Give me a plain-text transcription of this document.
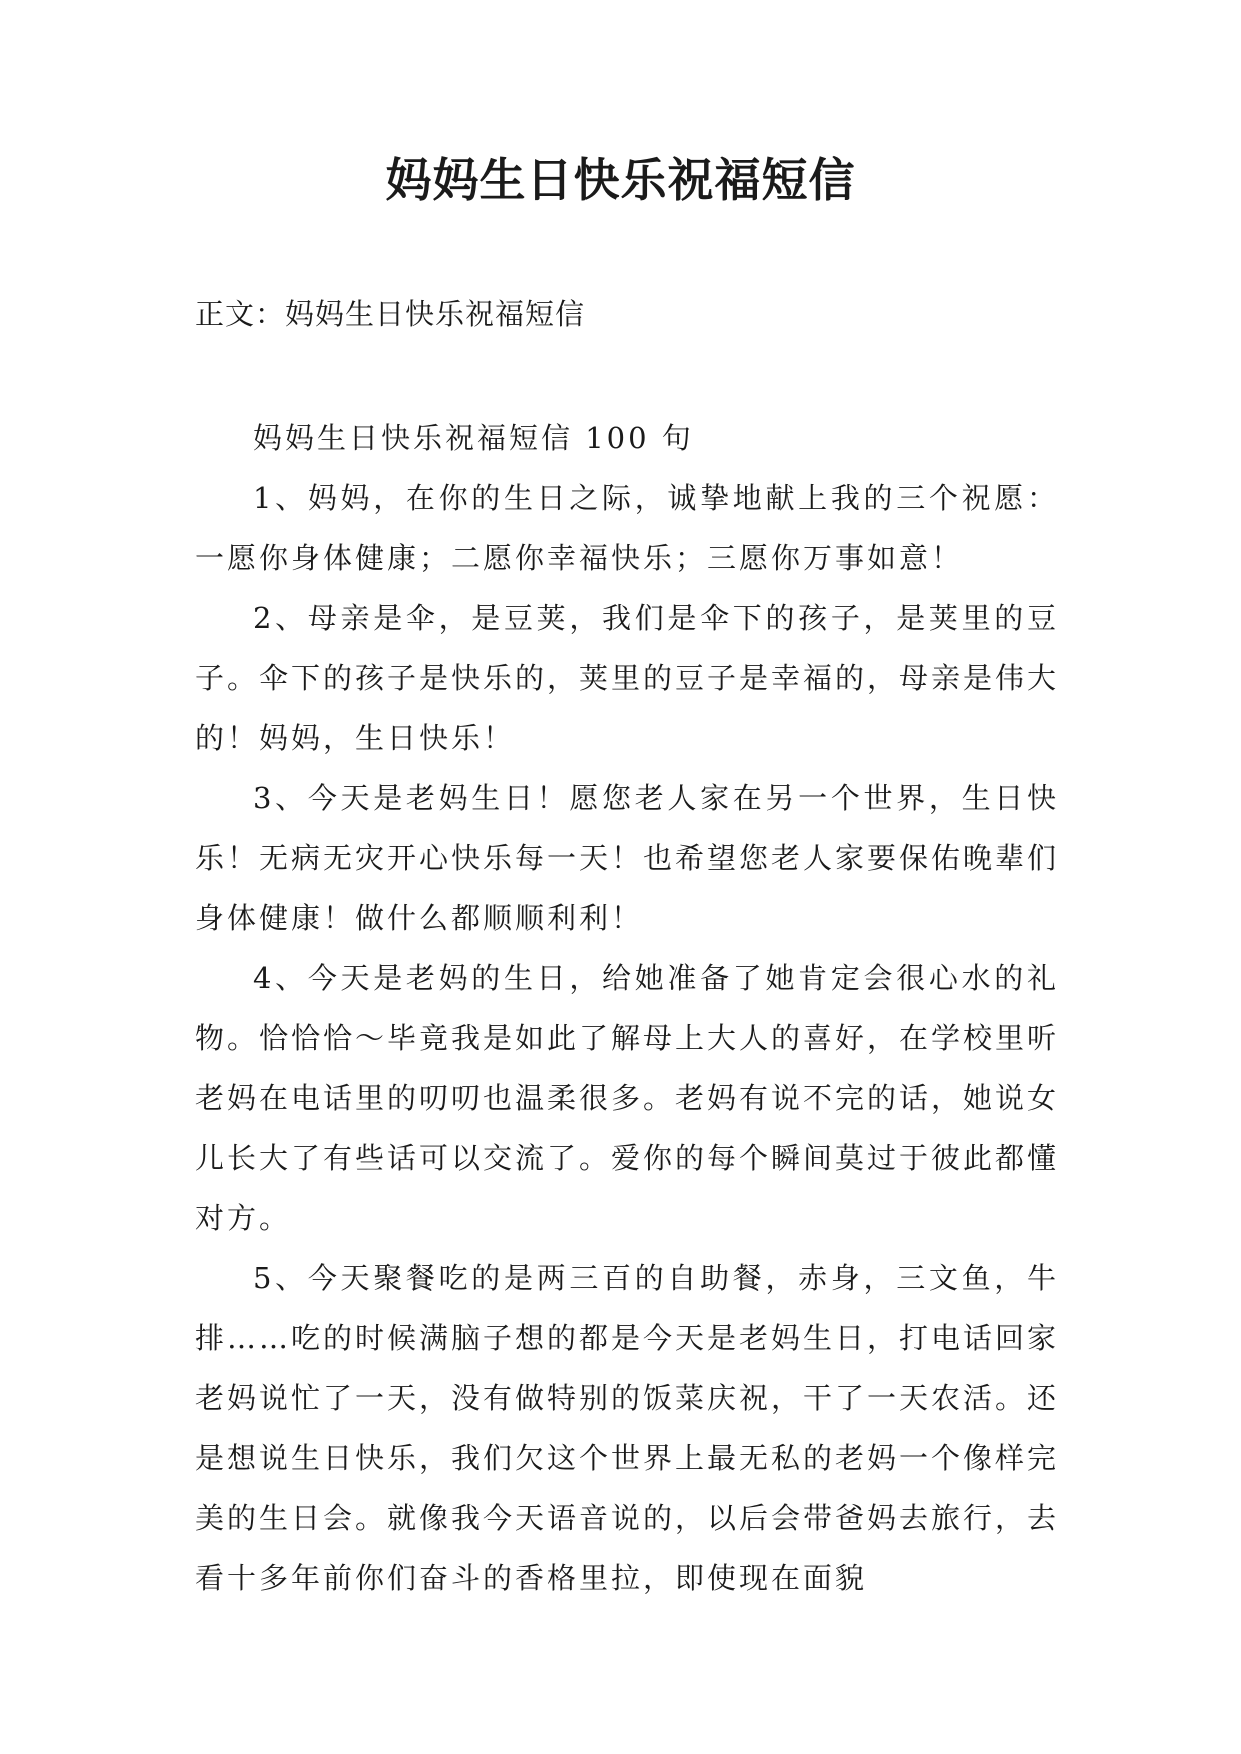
妈妈生日快乐祝福短信
正文：妈妈生日快乐祝福短信

妈妈生日快乐祝福短信 100 句

1、妈妈，在你的生日之际，诚挚地献上我的三个祝愿：一愿你身体健康；二愿你幸福快乐；三愿你万事如意！

2、母亲是伞，是豆荚，我们是伞下的孩子，是荚里的豆子。伞下的孩子是快乐的，荚里的豆子是幸福的，母亲是伟大的！妈妈，生日快乐！

3、今天是老妈生日！愿您老人家在另一个世界，生日快乐！无病无灾开心快乐每一天！也希望您老人家要保佑晚辈们身体健康！做什么都顺顺利利！

4、今天是老妈的生日，给她准备了她肯定会很心水的礼物。恰恰恰～毕竟我是如此了解母上大人的喜好，在学校里听老妈在电话里的叨叨也温柔很多。老妈有说不完的话，她说女儿长大了有些话可以交流了。爱你的每个瞬间莫过于彼此都懂对方。

5、今天聚餐吃的是两三百的自助餐，赤身，三文鱼，牛排……吃的时候满脑子想的都是今天是老妈生日，打电话回家老妈说忙了一天，没有做特别的饭菜庆祝，干了一天农活。还是想说生日快乐，我们欠这个世界上最无私的老妈一个像样完美的生日会。就像我今天语音说的，以后会带爸妈去旅行，去看十多年前你们奋斗的香格里拉，即使现在面貌
